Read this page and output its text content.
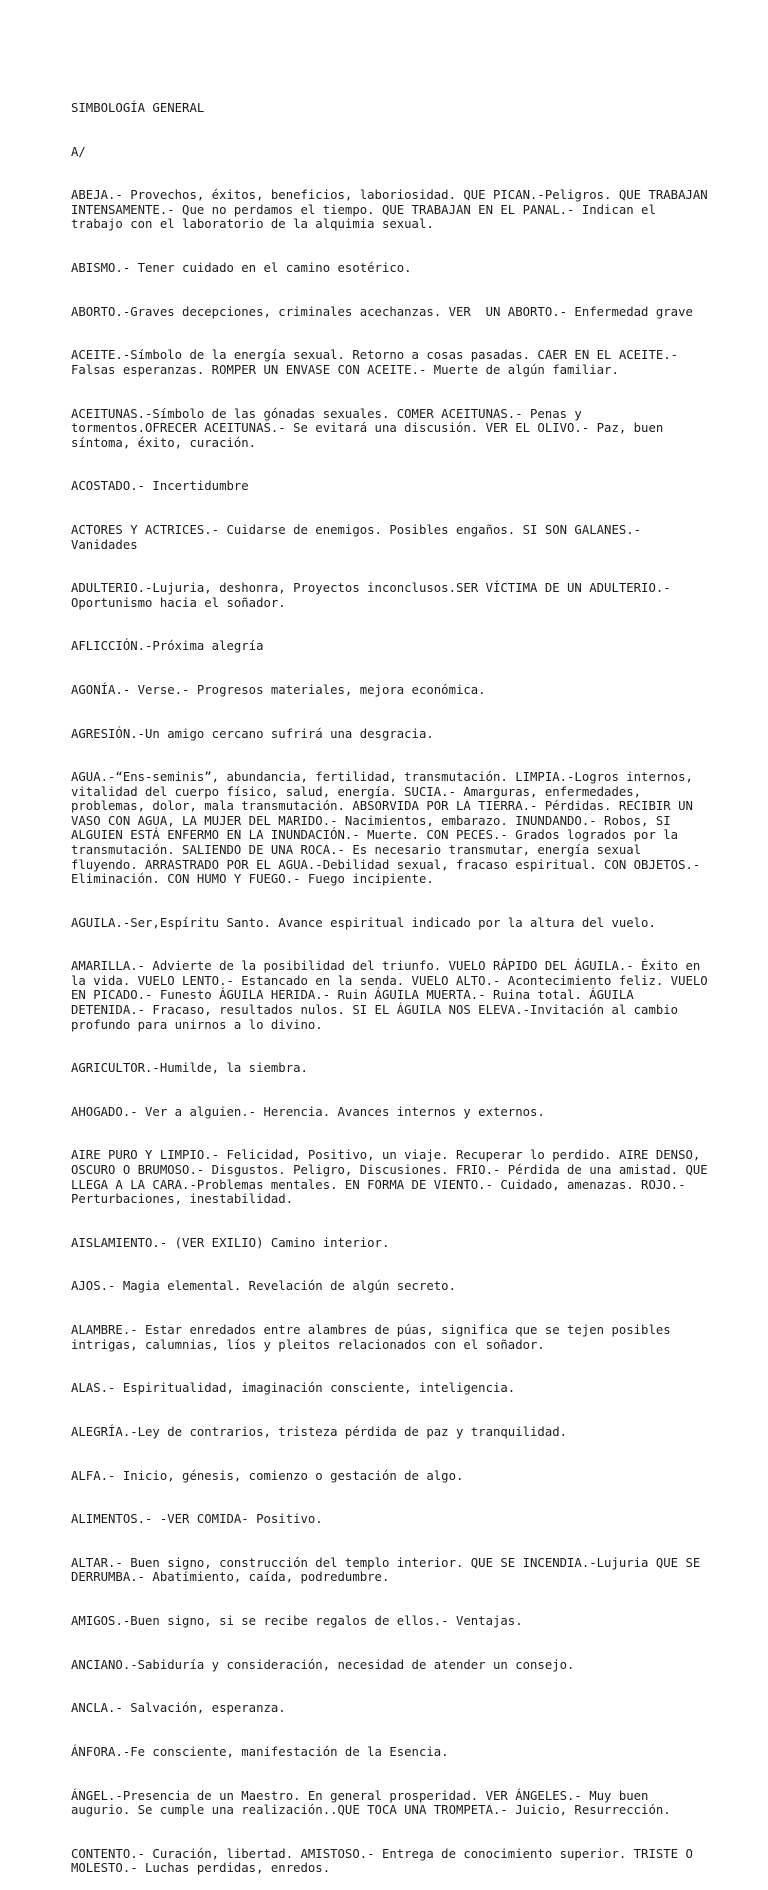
SIMBOLOGÍA GENERAL

A/

ABEJA.- Provechos, éxitos, beneficios, laboriosidad. QUE PICAN.-Peligros. QUE TRABAJAN INTENSAMENTE.- Que no perdamos el tiempo. QUE TRABAJAN EN EL PANAL.- Indican el trabajo con el laboratorio de la alquimia sexual.

ABISMO.- Tener cuidado en el camino esotérico.

ABORTO.-Graves decepciones, criminales acechanzas. VER  UN ABORTO.- Enfermedad grave

ACEITE.-Símbolo de la energía sexual. Retorno a cosas pasadas. CAER EN EL ACEITE.- Falsas esperanzas. ROMPER UN ENVASE CON ACEITE.- Muerte de algún familiar.

ACEITUNAS.-Símbolo de las gónadas sexuales. COMER ACEITUNAS.- Penas y tormentos.OFRECER ACEITUNAS.- Se evitará una discusión. VER EL OLIVO.- Paz, buen síntoma, éxito, curación.

ACOSTADO.- Incertidumbre

ACTORES Y ACTRICES.- Cuidarse de enemigos. Posibles engaños. SI SON GALANES.- Vanidades

ADULTERIO.-Lujuria, deshonra, Proyectos inconclusos.SER VÍCTIMA DE UN ADULTERIO.- Oportunismo hacia el soñador.

AFLICCIÓN.-Próxima alegría

AGONÍA.- Verse.- Progresos materiales, mejora económica.

AGRESIÓN.-Un amigo cercano sufrirá una desgracia.

AGUA.-“Ens-seminis”, abundancia, fertilidad, transmutación. LIMPIA.-Logros internos, vitalidad del cuerpo físico, salud, energía. SUCIA.- Amarguras, enfermedades, problemas, dolor, mala transmutación. ABSORVIDA POR LA TIERRA.- Pérdidas. RECIBIR UN VASO CON AGUA, LA MUJER DEL MARIDO.- Nacimientos, embarazo. INUNDANDO.- Robos, SI ALGUIEN ESTÁ ENFERMO EN LA INUNDACIÓN.- Muerte. CON PECES.- Grados logrados por la transmutación. SALIENDO DE UNA ROCA.- Es necesario transmutar, energía sexual fluyendo. ARRASTRADO POR EL AGUA.-Debilidad sexual, fracaso espiritual. CON OBJETOS.- Eliminación. CON HUMO Y FUEGO.- Fuego incipiente.

AGUILA.-Ser,Espíritu Santo. Avance espiritual indicado por la altura del vuelo.

AMARILLA.- Advierte de la posibilidad del triunfo. VUELO RÁPIDO DEL ÁGUILA.- Éxito en la vida. VUELO LENTO.- Estancado en la senda. VUELO ALTO.- Acontecimiento feliz. VUELO EN PICADO.- Funesto ÁGUILA HERIDA.- Ruin ÁGUILA MUERTA.- Ruina total. ÁGUILA DETENIDA.- Fracaso, resultados nulos. SI EL ÁGUILA NOS ELEVA.-Invitación al cambio profundo para unirnos a lo divino.

AGRICULTOR.-Humilde, la siembra.

AHOGADO.- Ver a alguien.- Herencia. Avances internos y externos.

AIRE PURO Y LIMPIO.- Felicidad, Positivo, un viaje. Recuperar lo perdido. AIRE DENSO, OSCURO O BRUMOSO.- Disgustos. Peligro, Discusiones. FRIO.- Pérdida de una amistad. QUE LLEGA A LA CARA.-Problemas mentales. EN FORMA DE VIENTO.- Cuidado, amenazas. ROJO.- Perturbaciones, inestabilidad.

AISLAMIENTO.- (VER EXILIO) Camino interior.

AJOS.- Magia elemental. Revelación de algún secreto.

ALAMBRE.- Estar enredados entre alambres de púas, significa que se tejen posibles intrigas, calumnias, líos y pleitos relacionados con el soñador.

ALAS.- Espiritualidad, imaginación consciente, inteligencia.

ALEGRÍA.-Ley de contrarios, tristeza pérdida de paz y tranquilidad.

ALFA.- Inicio, génesis, comienzo o gestación de algo.

ALIMENTOS.- -VER COMIDA- Positivo.

ALTAR.- Buen signo, construcción del templo interior. QUE SE INCENDIA.-Lujuria QUE SE DERRUMBA.- Abatimiento, caída, podredumbre.

AMIGOS.-Buen signo, si se recibe regalos de ellos.- Ventajas.

ANCIANO.-Sabiduría y consideración, necesidad de atender un consejo.

ANCLA.- Salvación, esperanza.

ÁNFORA.-Fe consciente, manifestación de la Esencia.

ÁNGEL.-Presencia de un Maestro. En general prosperidad. VER ÁNGELES.- Muy buen augurio. Se cumple una realización..QUE TOCA UNA TROMPETA.- Juicio, Resurrección.

CONTENTO.- Curación, libertad. AMISTOSO.- Entrega de conocimiento superior. TRISTE O MOLESTO.- Luchas perdidas, enredos.
